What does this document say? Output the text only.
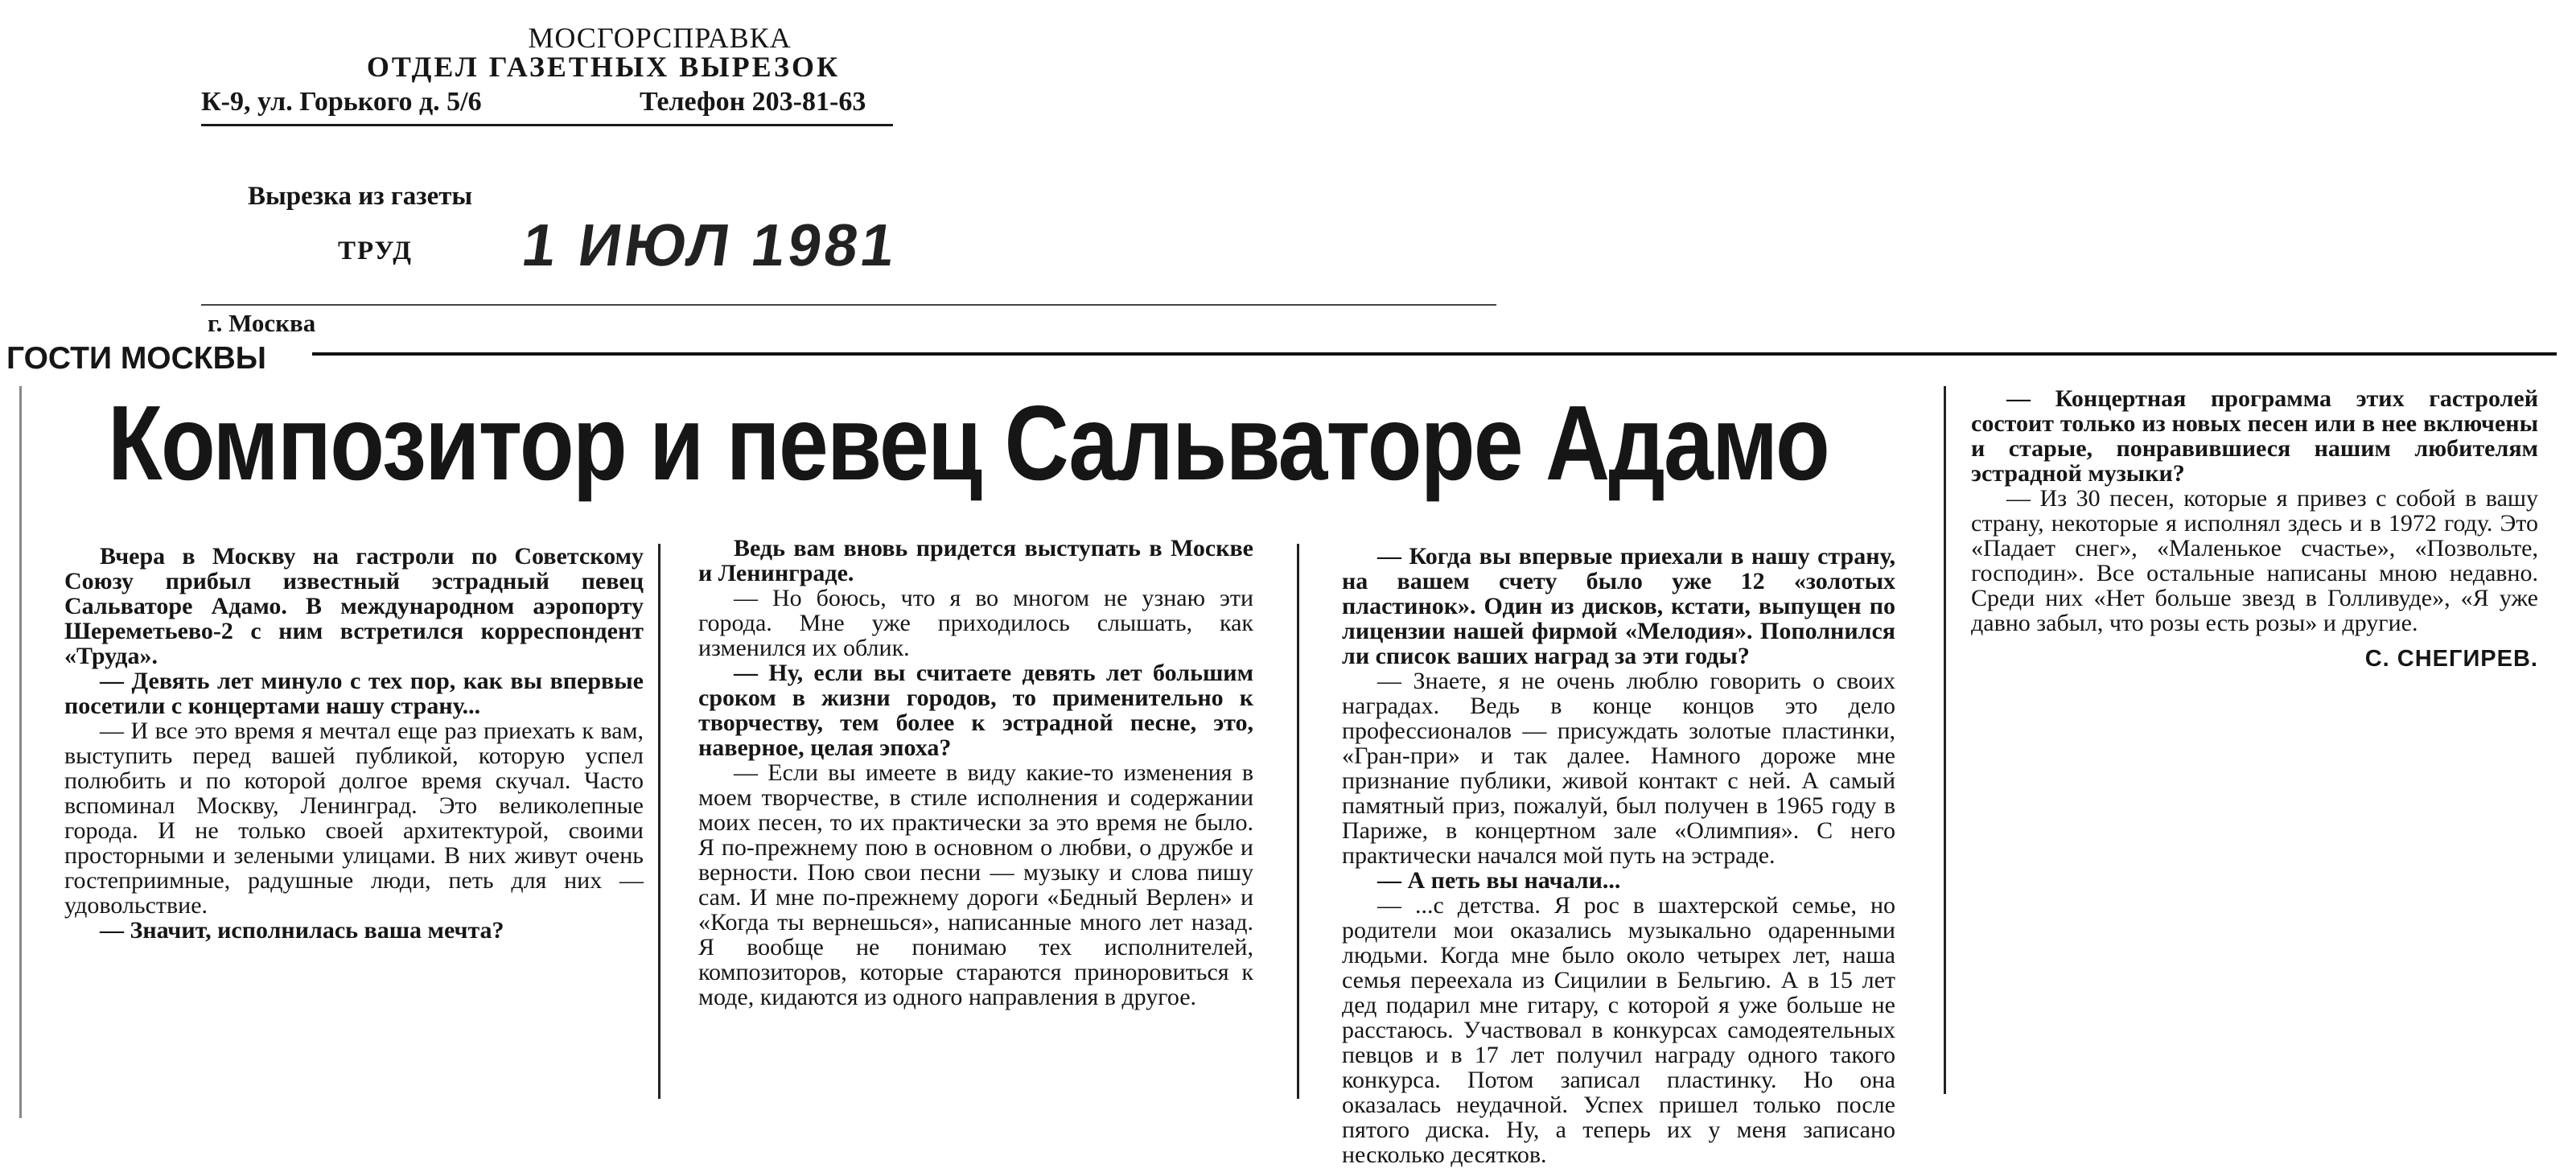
МОСГОРСПРАВКА
ОТДЕЛ ГАЗЕТНЫХ ВЫРЕЗОК
К-9, ул. Горького д. 5/6	Телефон 203-81-63
Вырезка из газеты
ТРУД 1 ИЮЛ 1981
г. Москва
ГОСТИ МОСКВЫ
Композитор и певец Сальваторе Адамо

Вчера в Москву на гастроли по Советскому Союзу прибыл известный эстрадный певец Сальваторе Адамо. В международном аэропорту Шереметьево-2 с ним встретился корреспондент «Труда».

— Девять лет минуло с тех пор, как вы впервые посетили с концертами нашу страну...

— И все это время я мечтал еще раз приехать к вам, выступить перед вашей публикой, которую успел полюбить и по которой долгое время скучал. Часто вспоминал Москву, Ленинград. Это великолепные города. И не только своей архитектурой, своими просторными и зелеными улицами. В них живут очень гостеприимные, радушные люди, петь для них — удовольствие.

— Значит, исполнилась ваша мечта?

Ведь вам вновь придется выступать в Москве и Ленинграде.

— Но боюсь, что я во многом не узнаю эти города. Мне уже приходилось слышать, как изменился их облик.

— Ну, если вы считаете девять лет большим сроком в жизни городов, то применительно к творчеству, тем более к эстрадной песне, это, наверное, целая эпоха?

— Если вы имеете в виду какие-то изменения в моем творчестве, в стиле исполнения и содержании моих песен, то их практически за это время не было. Я по-прежнему пою в основном о любви, о дружбе и верности. Пою свои песни — музыку и слова пишу сам. И мне по-прежнему дороги «Бедный Верлен» и «Когда ты вернешься», написанные много лет назад. Я вообще не понимаю тех исполнителей, композиторов, которые стараются приноровиться к моде, кидаются из одного направления в другое.

— Когда вы впервые приехали в нашу страну, на вашем счету было уже 12 «золотых пластинок». Один из дисков, кстати, выпущен по лицензии нашей фирмой «Мелодия». Пополнился ли список ваших наград за эти годы?

— Знаете, я не очень люблю говорить о своих наградах. Ведь в конце концов это дело профессионалов — присуждать золотые пластинки, «Гран-при» и так далее. Намного дороже мне признание публики, живой контакт с ней. А самый памятный приз, пожалуй, был получен в 1965 году в Париже, в концертном зале «Олимпия». С него практически начался мой путь на эстраде.

— А петь вы начали...

— ...с детства. Я рос в шахтерской семье, но родители мои оказались музыкально одаренными людьми. Когда мне было около четырех лет, наша семья переехала из Сицилии в Бельгию. А в 15 лет дед подарил мне гитару, с которой я уже больше не расстаюсь. Участвовал в конкурсах самодеятельных певцов и в 17 лет получил награду одного такого конкурса. Потом записал пластинку. Но она оказалась неудачной. Успех пришел только после пятого диска. Ну, а теперь их у меня записано несколько десятков.

— Концертная программа этих гастролей состоит только из новых песен или в нее включены и старые, понравившиеся нашим любителям эстрадной музыки?

— Из 30 песен, которые я привез с собой в вашу страну, некоторые я исполнял здесь и в 1972 году. Это «Падает снег», «Маленькое счастье», «Позвольте, господин». Все остальные написаны мною недавно. Среди них «Нет больше звезд в Голливуде», «Я уже давно забыл, что розы есть розы» и другие.

С. СНЕГИРЕВ.
